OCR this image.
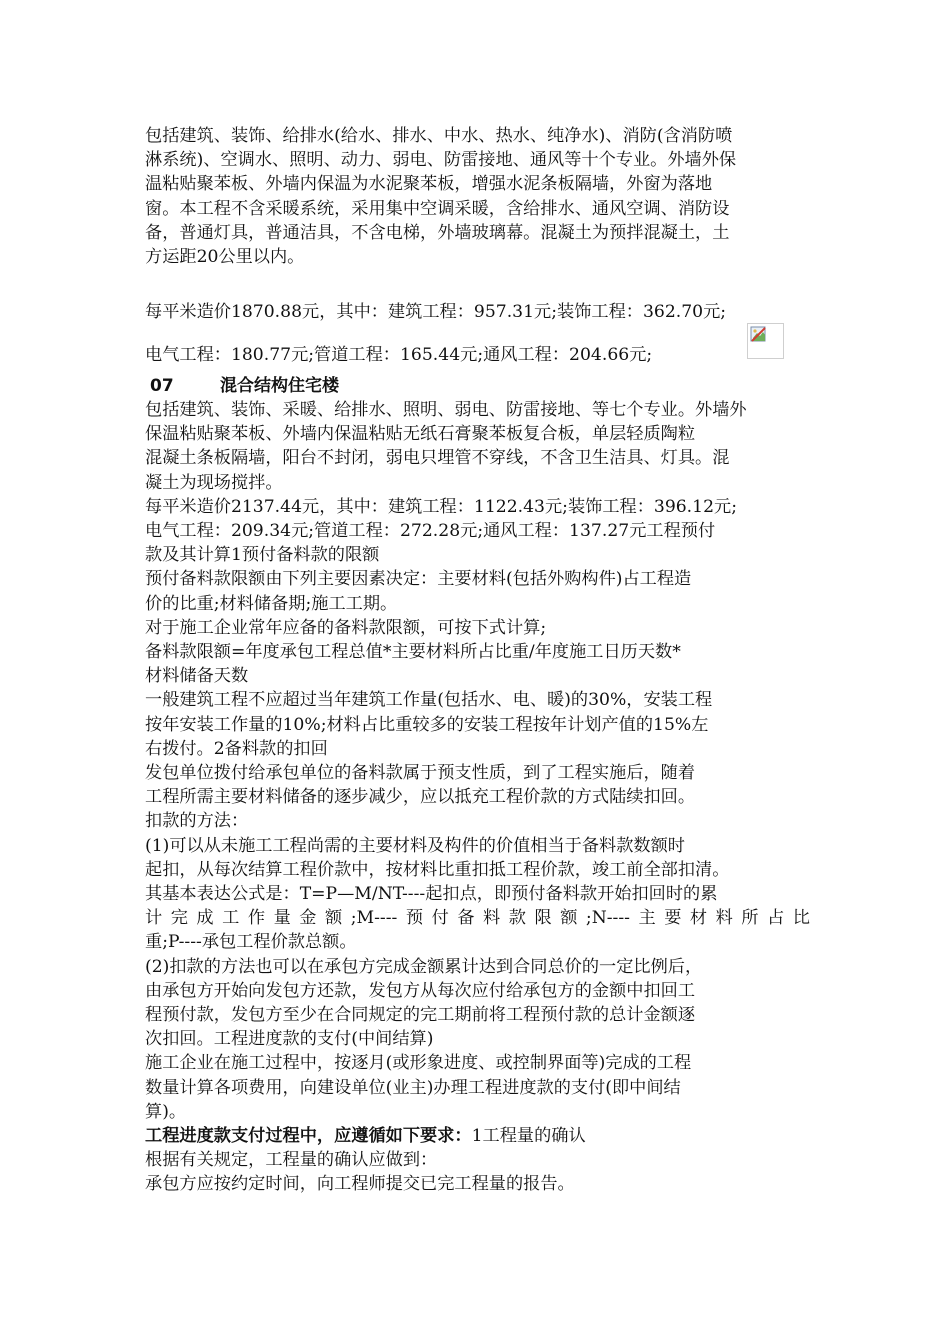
包括建筑、装饰、给排水(给水、排水、中水、热水、纯净水)、消防(含消防喷
淋系统)、空调水、照明、动力、弱电、防雷接地、通风等十个专业。外墙外保
温粘贴聚苯板、外墙内保温为水泥聚苯板，增强水泥条板隔墙，外窗为落地
窗。本工程不含采暖系统，采用集中空调采暖，含给排水、通风空调、消防设
备，普通灯具，普通洁具，不含电梯，外墙玻璃幕。混凝土为预拌混凝土，土
方运距20公里以内。
每平米造价1870.88元，其中：建筑工程：957.31元;装饰工程：362.70元;
电气工程：180.77元;管道工程：165.44元;通风工程：204.66元;
07	混合结构住宅楼
包括建筑、装饰、采暖、给排水、照明、弱电、防雷接地、等七个专业。外墙外
保温粘贴聚苯板、外墙内保温粘贴无纸石膏聚苯板复合板，单层轻质陶粒
混凝土条板隔墙，阳台不封闭，弱电只埋管不穿线，不含卫生洁具、灯具。混
凝土为现场搅拌。
每平米造价2137.44元，其中：建筑工程：1122.43元;装饰工程：396.12元;
电气工程：209.34元;管道工程：272.28元;通风工程：137.27元工程预付
款及其计算1预付备料款的限额
预付备料款限额由下列主要因素决定：主要材料(包括外购构件)占工程造
价的比重;材料储备期;施工工期。
对于施工企业常年应备的备料款限额，可按下式计算;
备料款限额=年度承包工程总值*主要材料所占比重/年度施工日历天数*
材料储备天数
一般建筑工程不应超过当年建筑工作量(包括水、电、暖)的30%，安装工程
按年安装工作量的10%;材料占比重较多的安装工程按年计划产值的15%左
右拨付。2备料款的扣回
发包单位拨付给承包单位的备料款属于预支性质，到了工程实施后，随着
工程所需主要材料储备的逐步减少，应以抵充工程价款的方式陆续扣回。
扣款的方法：
(1)可以从未施工工程尚需的主要材料及构件的价值相当于备料款数额时
起扣，从每次结算工程价款中，按材料比重扣抵工程价款，竣工前全部扣清。
其基本表达公式是：T=P—M/NT----起扣点，即预付备料款开始扣回时的累
计完成工作量金额;M----预付备料款限额;N----主要材料所占比
重;P----承包工程价款总额。
(2)扣款的方法也可以在承包方完成金额累计达到合同总价的一定比例后，
由承包方开始向发包方还款，发包方从每次应付给承包方的金额中扣回工
程预付款，发包方至少在合同规定的完工期前将工程预付款的总计金额逐
次扣回。工程进度款的支付(中间结算)
施工企业在施工过程中，按逐月(或形象进度、或控制界面等)完成的工程
数量计算各项费用，向建设单位(业主)办理工程进度款的支付(即中间结
算)。
工程进度款支付过程中，应遵循如下要求：1工程量的确认
根据有关规定，工程量的确认应做到：
承包方应按约定时间，向工程师提交已完工程量的报告。
